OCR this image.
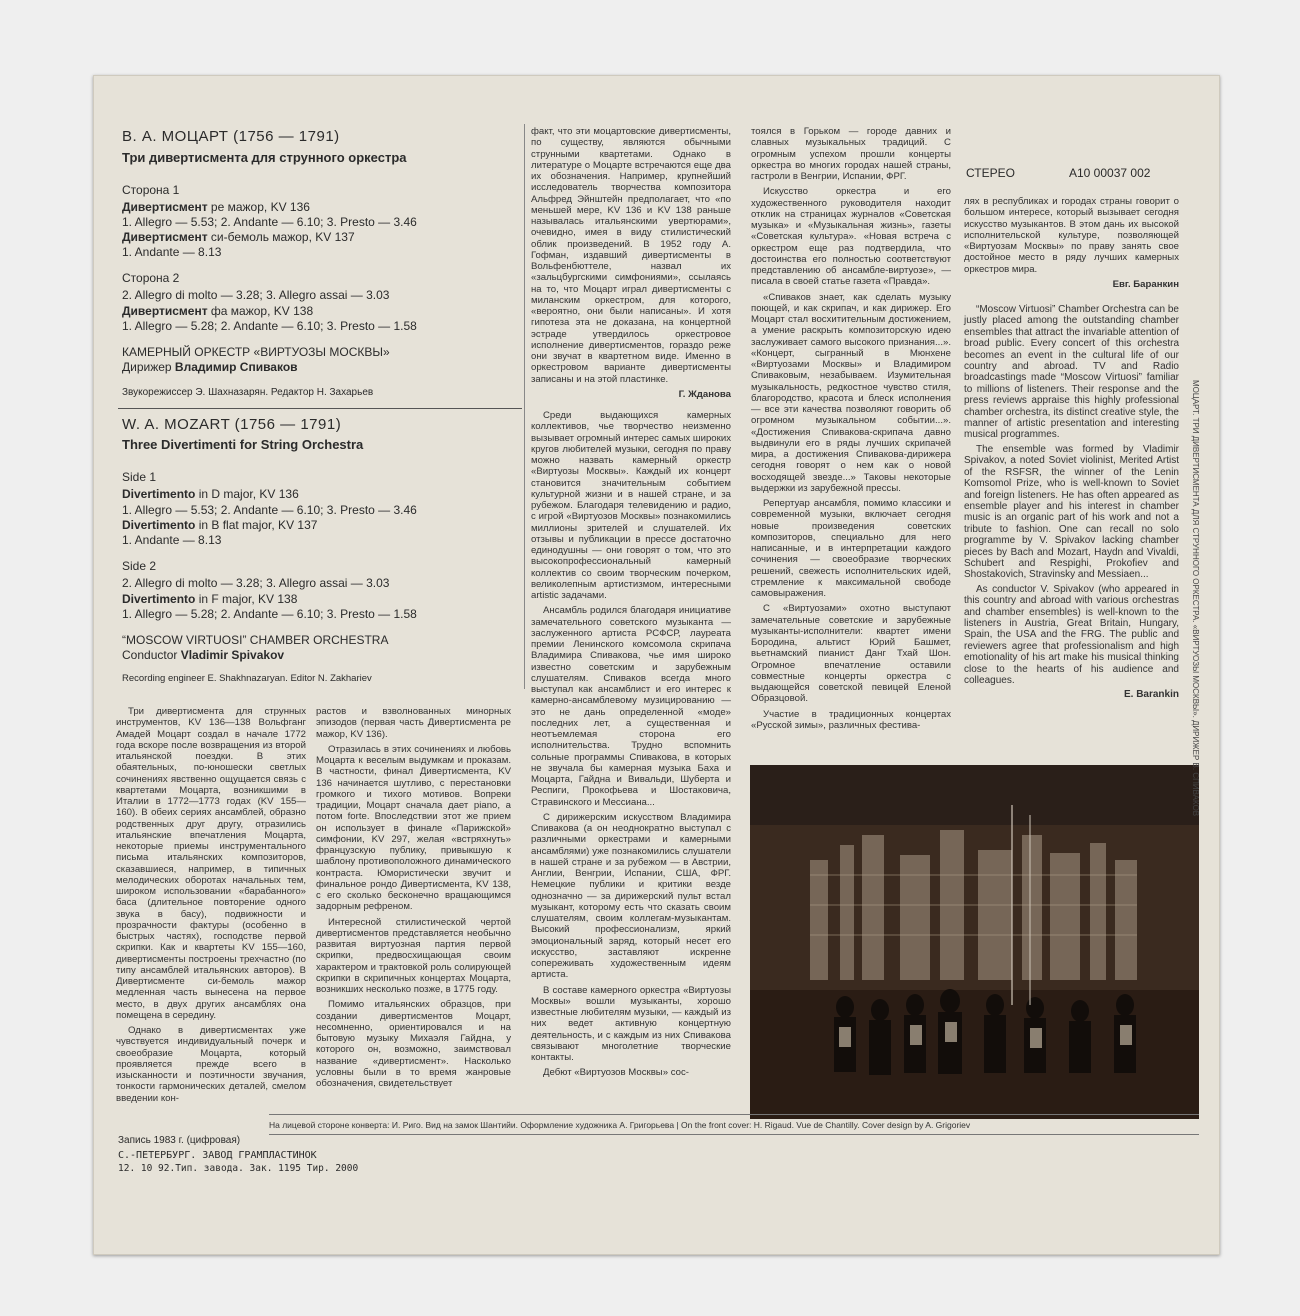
В. А. МОЦАРТ (1756 — 1791)
Три дивертисмента для струнного оркестра
Сторона 1
Дивертисмент ре мажор, KV 136
1. Allegro — 5.53; 2. Andante — 6.10; 3. Presto — 3.46
Дивертисмент си-бемоль мажор, KV 137
1. Andante — 8.13
Сторона 2
2. Allegro di molto — 3.28; 3. Allegro assai — 3.03
Дивертисмент фа мажор, KV 138
1. Allegro — 5.28; 2. Andante — 6.10; 3. Presto — 1.58
КАМЕРНЫЙ ОРКЕСТР «ВИРТУОЗЫ МОСКВЫ»
Дирижер Владимир Спиваков
Звукорежиссер Э. Шахназарян. Редактор Н. Захарьев
W. A. MOZART (1756 — 1791)
Three Divertimenti for String Orchestra
Side 1
Divertimento in D major, KV 136
1. Allegro — 5.53; 2. Andante — 6.10; 3. Presto — 3.46
Divertimento in B flat major, KV 137
1. Andante — 8.13
Side 2
2. Allegro di molto — 3.28; 3. Allegro assai — 3.03
Divertimento in F major, KV 138
1. Allegro — 5.28; 2. Andante — 6.10; 3. Presto — 1.58
“MOSCOW VIRTUOSI” CHAMBER ORCHESTRA
Conductor Vladimir Spivakov
Recording engineer E. Shakhnazaryan. Editor N. Zakhariev
СТЕРЕО	А10 00037 002

Три дивертисмента для струнных инструментов, KV 136—138 Вольфганг Амадей Моцарт создал в начале 1772 года вскоре после возвращения из второй итальянской поездки. В этих обаятельных, по-юношески светлых сочинениях явственно ощущается связь с квартетами Моцарта, возникшими в Италии в 1772—1773 годах (KV 155—160). В обеих сериях ансамблей, образно родственных друг другу, отразились итальянские впечатления Моцарта, некоторые приемы инструментального письма итальянских композиторов, сказавшиеся, например, в типичных мелодических оборотах начальных тем, широком использовании «барабанного» баса (длительное повторение одного звука в басу), подвижности и прозрачности фактуры (особенно в быстрых частях), господстве первой скрипки. Как и квартеты KV 155—160, дивертисменты построены трехчастно (по типу ансамблей итальянских авторов). В Дивертисменте си-бемоль мажор медленная часть вынесена на первое место, в двух других ансамблях она помещена в середину.

Однако в дивертисментах уже чувствуется индивидуальный почерк и своеобразие Моцарта, который проявляется прежде всего в изысканности и поэтичности звучания, тонкости гармонических деталей, смелом введении кон-

растов и взволнованных минорных эпизодов (первая часть Дивертисмента ре мажор, KV 136).

Отразилась в этих сочинениях и любовь Моцарта к веселым выдумкам и проказам. В частности, финал Дивертисмента, KV 136 начинается шутливо, с перестановки громкого и тихого мотивов. Вопреки традиции, Моцарт сначала дает piano, а потом forte. Впоследствии этот же прием он использует в финале «Парижской» симфонии, KV 297, желая «встряхнуть» французскую публику, привыкшую к шаблону противоположного динамического контраста. Юмористически звучит и финальное рондо Дивертисмента, KV 138, с его сколько бесконечно вращающимся задорным рефреном.

Интересной стилистической чертой дивертисментов представляется необычно развитая виртуозная партия первой скрипки, предвосхищающая своим характером и трактовкой роль солирующей скрипки в скрипичных концертах Моцарта, возникших несколько позже, в 1775 году.

Помимо итальянских образцов, при создании дивертисментов Моцарт, несомненно, ориентировался и на бытовую музыку Михаэля Гайдна, у которого он, возможно, заимствовал название «дивертисмент». Насколько условны были в то время жанровые обозначения, свидетельствует

факт, что эти моцартовские дивертисменты, по существу, являются обычными струнными квартетами. Однако в литературе о Моцарте встречаются еще два их обозначения. Например, крупнейший исследователь творчества композитора Альфред Эйнштейн предполагает, что «по меньшей мере, KV 136 и KV 138 раньше называлась итальянскими увертюрами», очевидно, имея в виду стилистический облик произведений. В 1952 году А. Гофман, издавший дивертисменты в Вольфенбюттеле, назвал их «зальцбургскими симфониями», ссылаясь на то, что Моцарт играл дивертисменты с миланским оркестром, для которого, «вероятно, они были написаны». И хотя гипотеза эта не доказана, на концертной эстраде утвердилось оркестровое исполнение дивертисментов, гораздо реже они звучат в квартетном виде. Именно в оркестровом варианте дивертисменты записаны и на этой пластинке.

Г. Жданова

Среди выдающихся камерных коллективов, чье творчество неизменно вызывает огромный интерес самых широких кругов любителей музыки, сегодня по праву можно назвать камерный оркестр «Виртуозы Москвы». Каждый их концерт становится значительным событием культурной жизни и в нашей стране, и за рубежом. Благодаря телевидению и радио, с игрой «Виртуозов Москвы» познакомились миллионы зрителей и слушателей. Их отзывы и публикации в прессе достаточно единодушны — они говорят о том, что это высокопрофессиональный камерный коллектив со своим творческим почерком, великолепным артистизмом, интересными artistic задачами.

Ансамбль родился благодаря инициативе замечательного советского музыканта — заслуженного артиста РСФСР, лауреата премии Ленинского комсомола скрипача Владимира Спивакова, чье имя широко известно советским и зарубежным слушателям. Спиваков всегда много выступал как ансамблист и его интерес к камерно-ансамблевому музицированию — это не дань определенной «моде» последних лет, а существенная и неотъемлемая сторона его исполнительства. Трудно вспомнить сольные программы Спивакова, в которых не звучала бы камерная музыка Баха и Моцарта, Гайдна и Вивальди, Шуберта и Респиги, Прокофьева и Шостаковича, Стравинского и Мессиана...

С дирижерским искусством Владимира Спивакова (а он неоднократно выступал с различными оркестрами и камерными ансамблями) уже познакомились слушатели в нашей стране и за рубежом — в Австрии, Англии, Венгрии, Испании, США, ФРГ. Немецкие публики и критики везде однозначно — за дирижерский пульт встал музыкант, которому есть что сказать своим слушателям, своим коллегам-музыкантам. Высокий профессионализм, яркий эмоциональный заряд, который несет его искусство, заставляют искренне сопереживать художественным идеям артиста.

В составе камерного оркестра «Виртуозы Москвы» вошли музыканты, хорошо известные любителям музыки, — каждый из них ведет активную концертную деятельность, и с каждым из них Спивакова связывают многолетние творческие контакты.

Дебют «Виртуозов Москвы» сос-

тоялся в Горьком — городе давних и славных музыкальных традиций. С огромным успехом прошли концерты оркестра во многих городах нашей страны, гастроли в Венгрии, Испании, ФРГ.

Искусство оркестра и его художественного руководителя находит отклик на страницах журналов «Советская музыка» и «Музыкальная жизнь», газеты «Советская культура». «Новая встреча с оркестром еще раз подтвердила, что достоинства его полностью соответствуют представлению об ансамбле-виртуозе», — писала в своей статье газета «Правда».

«Спиваков знает, как сделать музыку поющей, и как скрипач, и как дирижер. Его Моцарт стал восхитительным достижением, а умение раскрыть композиторскую идею заслуживает самого высокого признания...». «Концерт, сыгранный в Мюнхене «Виртуозами Москвы» и Владимиром Спиваковым, незабываем. Изумительная музыкальность, редкостное чувство стиля, благородство, красота и блеск исполнения — все эти качества позволяют говорить об огромном музыкальном событии...». «Достижения Спивакова-скрипача давно выдвинули его в ряды лучших скрипачей мира, а достижения Спивакова-дирижера сегодня говорят о нем как о новой восходящей звезде...» Таковы некоторые выдержки из зарубежной прессы.

Репертуар ансамбля, помимо классики и современной музыки, включает сегодня новые произведения советских композиторов, специально для него написанные, и в интерпретации каждого сочинения — своеобразие творческих решений, свежесть исполнительских идей, стремление к максимальной свободе самовыражения.

С «Виртуозами» охотно выступают замечательные советские и зарубежные музыканты-исполнители: квартет имени Бородина, альтист Юрий Башмет, вьетнамский пианист Данг Тхай Шон. Огромное впечатление оставили совместные концерты оркестра с выдающейся советской певицей Еленой Образцовой.

Участие в традиционных концертах «Русской зимы», различных фестива-

лях в республиках и городах страны говорит о большом интересе, который вызывает сегодня искусство музыкантов. В этом дань их высокой исполнительской культуре, позволяющей «Виртуозам Москвы» по праву занять свое достойное место в ряду лучших камерных оркестров мира.

Евг. Баранкин

“Moscow Virtuosi” Chamber Orchestra can be justly placed among the outstanding chamber ensembles that attract the invariable attention of broad public. Every concert of this orchestra becomes an event in the cultural life of our country and abroad. TV and Radio broadcastings made “Moscow Virtuosi” familiar to millions of listeners. Their response and the press reviews appraise this highly professional chamber orchestra, its distinct creative style, the manner of artistic presentation and interesting musical programmes.

The ensemble was formed by Vladimir Spivakov, a noted Soviet violinist, Merited Artist of the RSFSR, the winner of the Lenin Komsomol Prize, who is well-known to Soviet and foreign listeners. He has often appeared as ensemble player and his interest in chamber music is an organic part of his work and not a tribute to fashion. One can recall no solo programme by V. Spivakov lacking chamber pieces by Bach and Mozart, Haydn and Vivaldi, Schubert and Respighi, Prokofiev and Shostakovich, Stravinsky and Messiaen...

As conductor V. Spivakov (who appeared in this country and abroad with various orchestras and chamber ensembles) is well-known to the listeners in Austria, Great Britain, Hungary, Spain, the USA and the FRG. The public and reviewers agree that professionalism and high emotionality of his art make his musical thinking close to the hearts of his audience and colleagues.

E. Barankin
На лицевой стороне конверта: И. Риго. Вид на замок Шантийи. Оформление художника А. Григорьева | On the front cover: H. Rigaud. Vue de Chantilly. Cover design by A. Grigoriev
Запись 1983 г. (цифровая)
С.-ПЕТЕРБУРГ. ЗАВОД ГРАМПЛАСТИНОК
12. 10 92.Тип. завода. Зак. 1195 Тир. 2000
МОЦАРТ. ТРИ ДИВЕРТИСМЕНТА ДЛЯ СТРУННОГО ОРКЕСТРА. «ВИРТУОЗЫ МОСКВЫ». ДИРИЖЕР В. СПИВАКОВ
